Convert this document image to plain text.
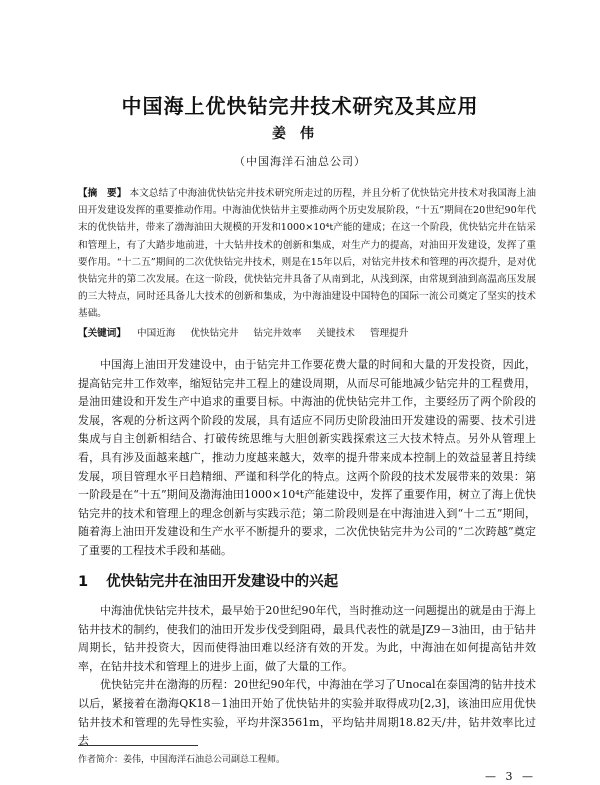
中国海上优快钻完井技术研究及其应用
姜伟
（中国海洋石油总公司）
【摘　要】 本文总结了中海油优快钻完井技术研究所走过的历程，并且分析了优快钻完井技术对我国海上油田开发建设发挥的重要推动作用。中海油优快钻井主要推动两个历史发展阶段，“十五”期间在20世纪90年代末的优快钻井，带来了渤海油田大规模的开发和1000×10⁴t产能的建成；在这一个阶段，优快钻完井在钻采和管理上，有了大踏步地前进，十大钻井技术的创新和集成，对生产力的提高，对油田开发建设，发挥了重要作用。“十二五”期间的二次优快钻完井技术，则是在15年以后，对钻完井技术和管理的再次提升，是对优快钻完井的第二次发展。在这一阶段，优快钻完井具备了从南到北，从浅到深，由常规到油到高温高压发展的三大特点，同时还具备儿大技术的创新和集成，为中海油建设中国特色的国际一流公司奠定了坚实的技术基础。
【关键词】 中国近海 优快钻完井 钻完井效率 关键技术 管理提升

中国海上油田开发建设中，由于钻完井工作要花费大量的时间和大量的开发投资，因此，提高钻完井工作效率，缩短钻完井工程上的建设周期，从而尽可能地减少钻完井的工程费用，是油田建设和开发生产中追求的重要目标。中海油的优快钻完井工作，主要经历了两个阶段的发展，客观的分析这两个阶段的发展，具有适应不同历史阶段油田开发建设的需要、技术引进集成与自主创新相结合、打破传统思维与大胆创新实践探索这三大技术特点。另外从管理上看，具有涉及面越来越广，推动力度越来越大，效率的提升带来成本控制上的效益显著且持续发展，项目管理水平日趋精细、严谨和科学化的特点。这两个阶段的技术发展带来的效果：第一阶段是在“十五”期间及渤海油田1000×10⁴t产能建设中，发挥了重要作用，树立了海上优快钻完井的技术和管理上的理念创新与实践示范；第二阶段则是在中海油进入到“十二五”期间，随着海上油田开发建设和生产水平不断提升的要求，二次优快钻完井为公司的“二次跨越”奠定了重要的工程技术手段和基础。

1 优快钻完井在油田开发建设中的兴起

中海油优快钻完井技术，最早始于20世纪90年代，当时推动这一问题提出的就是由于海上钻井技术的制约，使我们的油田开发步伐受到阻碍，最具代表性的就是JZ9－3油田，由于钻井周期长，钻井投资大，因而使得油田难以经济有效的开发。为此，中海油在如何提高钻井效率，在钻井技术和管理上的进步上面，做了大量的工作。

优快钻完井在渤海的历程：20世纪90年代，中海油在学习了Unocal在泰国湾的钻井技术以后，紧接着在渤海QK18－1油田开始了优快钻井的实验并取得成功[2,3]，该油田应用优快钻井技术和管理的先导性实验，平均井深3561m，平均钻井周期18.82天/井，钻井效率比过去

作者简介：姜伟，中国海洋石油总公司副总工程师。
— 3 —
